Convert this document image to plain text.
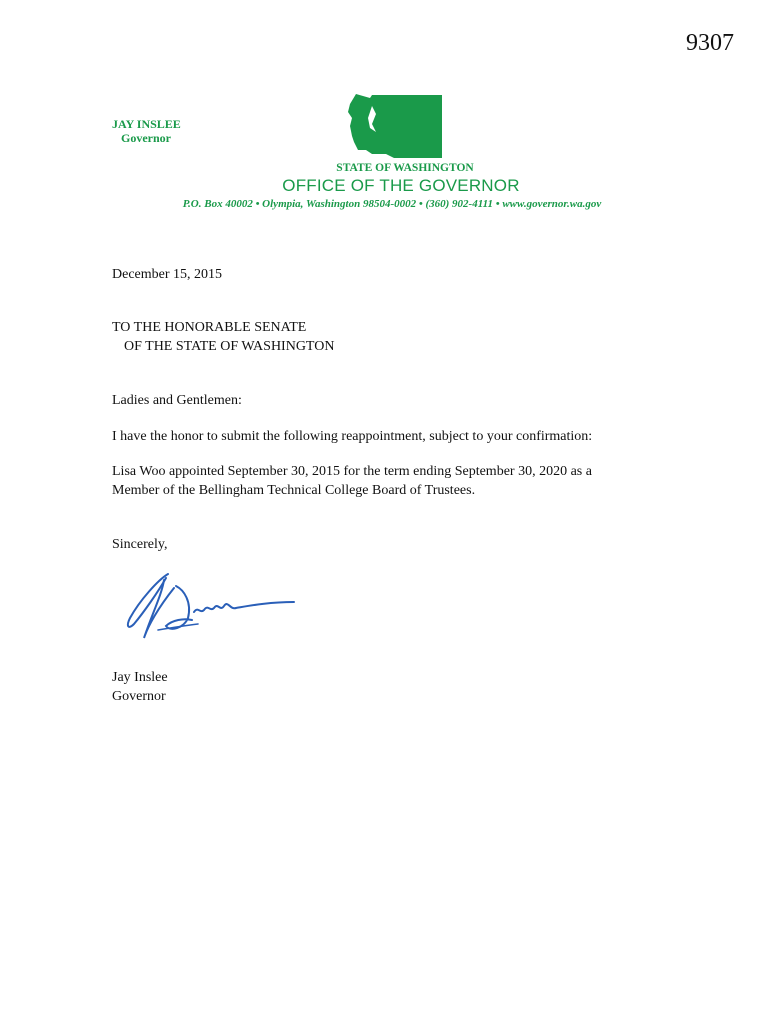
9307
JAY INSLEE
Governor
STATE OF WASHINGTON
OFFICE OF THE GOVERNOR
P.O. Box 40002 • Olympia, Washington 98504-0002 • (360) 902-4111 • www.governor.wa.gov
December 15, 2015
TO THE HONORABLE SENATE
OF THE STATE OF WASHINGTON
Ladies and Gentlemen:
I have the honor to submit the following reappointment, subject to your confirmation:
Lisa Woo appointed September 30, 2015 for the term ending September 30, 2020 as a
Member of the Bellingham Technical College Board of Trustees.
Sincerely,
Jay Inslee
Governor
